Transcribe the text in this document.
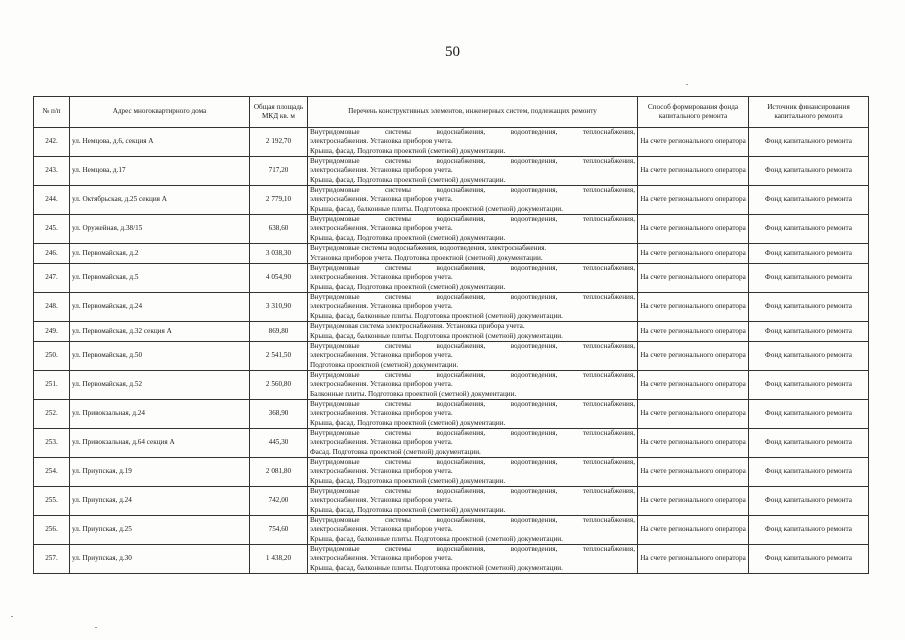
50
№ п/п	Адрес многоквартирного дома	Общая площадь МКД кв. м	Перечень конструктивных элементов, инженерных систем, подлежащих ремонту	Способ формирования фонда капитального ремонта	Источник финансирования капитального ремонта
242.	ул. Немцова, д.6, секция А	2 192,70	Внутридомовые системы водоснабжения, водоотведения, теплоснабжения,
электроснабжения. Установка приборов учета.
Крыша, фасад. Подготовка проектной (сметной) документации.	На счете регионального оператора	Фонд капитального ремонта
243.	ул. Немцова, д.17	717,20	Внутридомовые системы водоснабжения, водоотведения, теплоснабжения,
электроснабжения. Установка приборов учета.
Крыша, фасад. Подготовка проектной (сметной) документации.	На счете регионального оператора	Фонд капитального ремонта
244.	ул. Октябрьская, д.25 секция А	2 779,10	Внутридомовые системы водоснабжения, водоотведения, теплоснабжения,
электроснабжения. Установка приборов учета.
Крыша, фасад, балконные плиты. Подготовка проектной (сметной) документации.	На счете регионального оператора	Фонд капитального ремонта
245.	ул. Оружейная, д.38/15	638,60	Внутридомовые системы водоснабжения, водоотведения, теплоснабжения,
электроснабжения. Установка приборов учета.
Крыша, фасад. Подготовка проектной (сметной) документации.	На счете регионального оператора	Фонд капитального ремонта
246.	ул. Первомайская, д.2	3 038,30	Внутридомовые системы водоснабжения, водоотведения, электроснабжения.
Установка приборов учета. Подготовка проектной (сметной) документации.	На счете регионального оператора	Фонд капитального ремонта
247.	ул. Первомайская, д.5	4 054,90	Внутридомовые системы водоснабжения, водоотведения, теплоснабжения,
электроснабжения. Установка приборов учета.
Крыша, фасад. Подготовка проектной (сметной) документации.	На счете регионального оператора	Фонд капитального ремонта
248.	ул. Первомайская, д.24	3 310,90	Внутридомовые системы водоснабжения, водоотведения, теплоснабжения,
электроснабжения. Установка приборов учета.
Крыша, фасад, балконные плиты. Подготовка проектной (сметной) документации.	На счете регионального оператора	Фонд капитального ремонта
249.	ул. Первомайская, д.32 секция А	869,80	Внутридомовая система электроснабжения. Установка прибора учета.
Крыша, фасад, балконные плиты. Подготовка проектной (сметной) документации.	На счете регионального оператора	Фонд капитального ремонта
250.	ул. Первомайская, д.50	2 541,50	Внутридомовые системы водоснабжения, водоотведения, теплоснабжения,
электроснабжения. Установка приборов учета.
Подготовка проектной (сметной) документации.	На счете регионального оператора	Фонд капитального ремонта
251.	ул. Первомайская, д.52	2 560,80	Внутридомовые системы водоснабжения, водоотведения, теплоснабжения,
электроснабжения. Установка приборов учета.
Балконные плиты. Подготовка проектной (сметной) документации.	На счете регионального оператора	Фонд капитального ремонта
252.	ул. Привокзальная, д.24	368,90	Внутридомовые системы водоснабжения, водоотведения, теплоснабжения,
электроснабжения. Установка приборов учета.
Крыша, фасад. Подготовка проектной (сметной) документации.	На счете регионального оператора	Фонд капитального ремонта
253.	ул. Привокзальная, д.64 секция А	445,30	Внутридомовые системы водоснабжения, водоотведения, теплоснабжения,
электроснабжения. Установка приборов учета.
Фасад. Подготовка проектной (сметной) документации.	На счете регионального оператора	Фонд капитального ремонта
254.	ул. Приупская, д.19	2 081,80	Внутридомовые системы водоснабжения, водоотведения, теплоснабжения,
электроснабжения. Установка приборов учета.
Крыша, фасад. Подготовка проектной (сметной) документации.	На счете регионального оператора	Фонд капитального ремонта
255.	ул. Приупская, д.24	742,00	Внутридомовые системы водоснабжения, водоотведения, теплоснабжения,
электроснабжения. Установка приборов учета.
Крыша, фасад. Подготовка проектной (сметной) документации.	На счете регионального оператора	Фонд капитального ремонта
256.	ул. Приупская, д.25	754,60	Внутридомовые системы водоснабжения, водоотведения, теплоснабжения,
электроснабжения. Установка приборов учета.
Крыша, фасад, балконные плиты. Подготовка проектной (сметной) документации.	На счете регионального оператора	Фонд капитального ремонта
257.	ул. Приупская, д.30	1 438,20	Внутридомовые системы водоснабжения, водоотведения, теплоснабжения,
электроснабжения. Установка приборов учета.
Крыша, фасад, балконные плиты. Подготовка проектной (сметной) документации.	На счете регионального оператора	Фонд капитального ремонта
